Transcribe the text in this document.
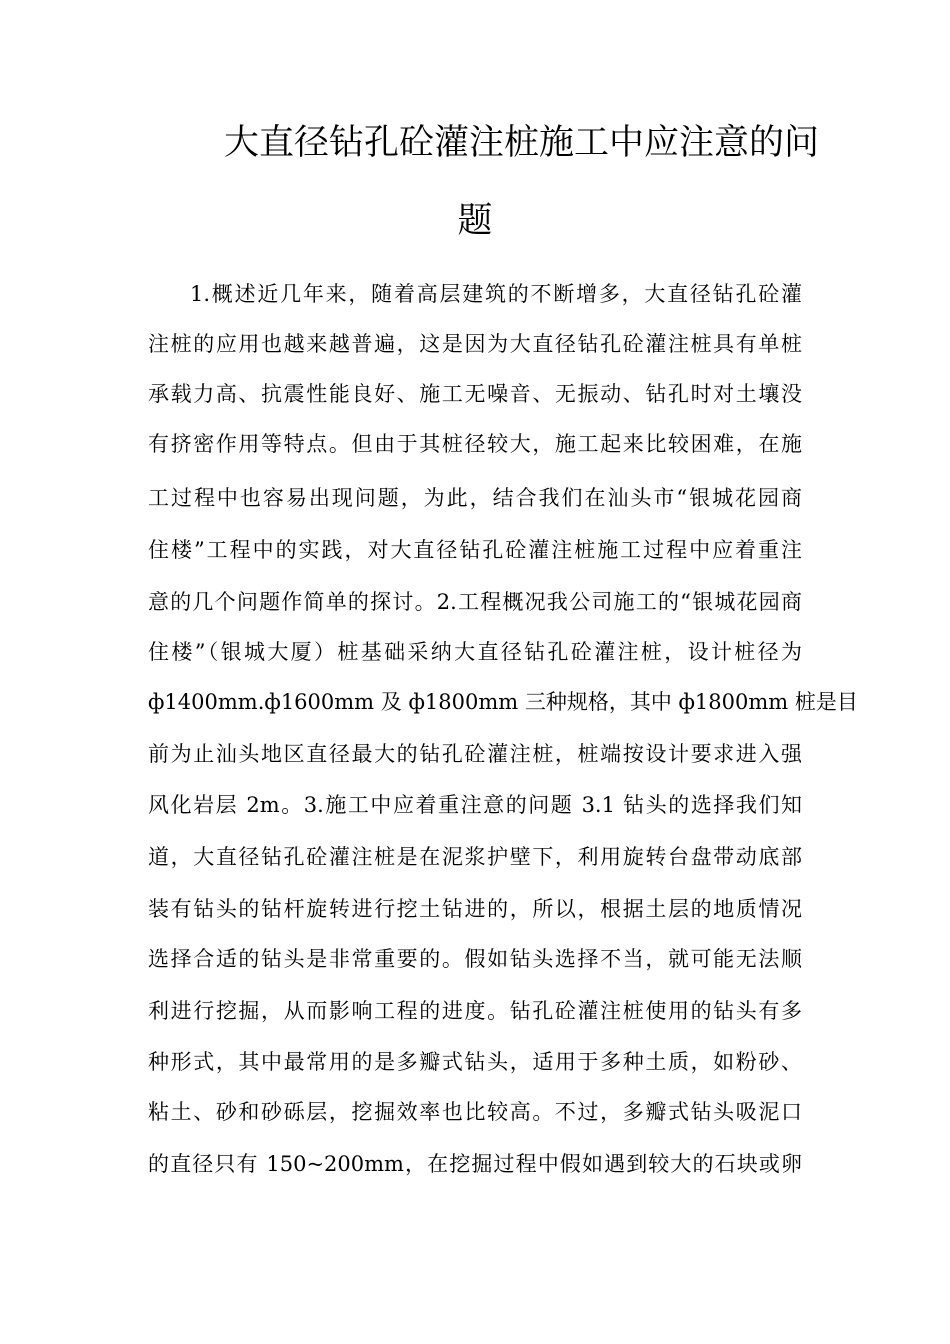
大直径钻孔砼灌注桩施工中应注意的问
题

1.概述近几年来，随着高层建筑的不断增多，大直径钻孔砼灌

注桩的应用也越来越普遍，这是因为大直径钻孔砼灌注桩具有单桩

承载力高、抗震性能良好、施工无噪音、无振动、钻孔时对土壤没

有挤密作用等特点。但由于其桩径较大，施工起来比较困难，在施

工过程中也容易出现问题，为此，结合我们在汕头市“银城花园商

住楼”工程中的实践，对大直径钻孔砼灌注桩施工过程中应着重注

意的几个问题作简单的探讨。2.工程概况我公司施工的“银城花园商

住楼”（银城大厦）桩基础采纳大直径钻孔砼灌注桩，设计桩径为

ф1400mm.ф1600mm 及 ф1800mm 三种规格，其中 ф1800mm 桩是目

前为止汕头地区直径最大的钻孔砼灌注桩，桩端按设计要求进入强

风化岩层 2m。3.施工中应着重注意的问题 3.1 钻头的选择我们知

道，大直径钻孔砼灌注桩是在泥浆护壁下，利用旋转台盘带动底部

装有钻头的钻杆旋转进行挖土钻进的，所以，根据土层的地质情况

选择合适的钻头是非常重要的。假如钻头选择不当，就可能无法顺

利进行挖掘，从而影响工程的进度。钻孔砼灌注桩使用的钻头有多

种形式，其中最常用的是多瓣式钻头，适用于多种土质，如粉砂、

粘土、砂和砂砾层，挖掘效率也比较高。不过，多瓣式钻头吸泥口

的直径只有 150~200mm，在挖掘过程中假如遇到较大的石块或卵
